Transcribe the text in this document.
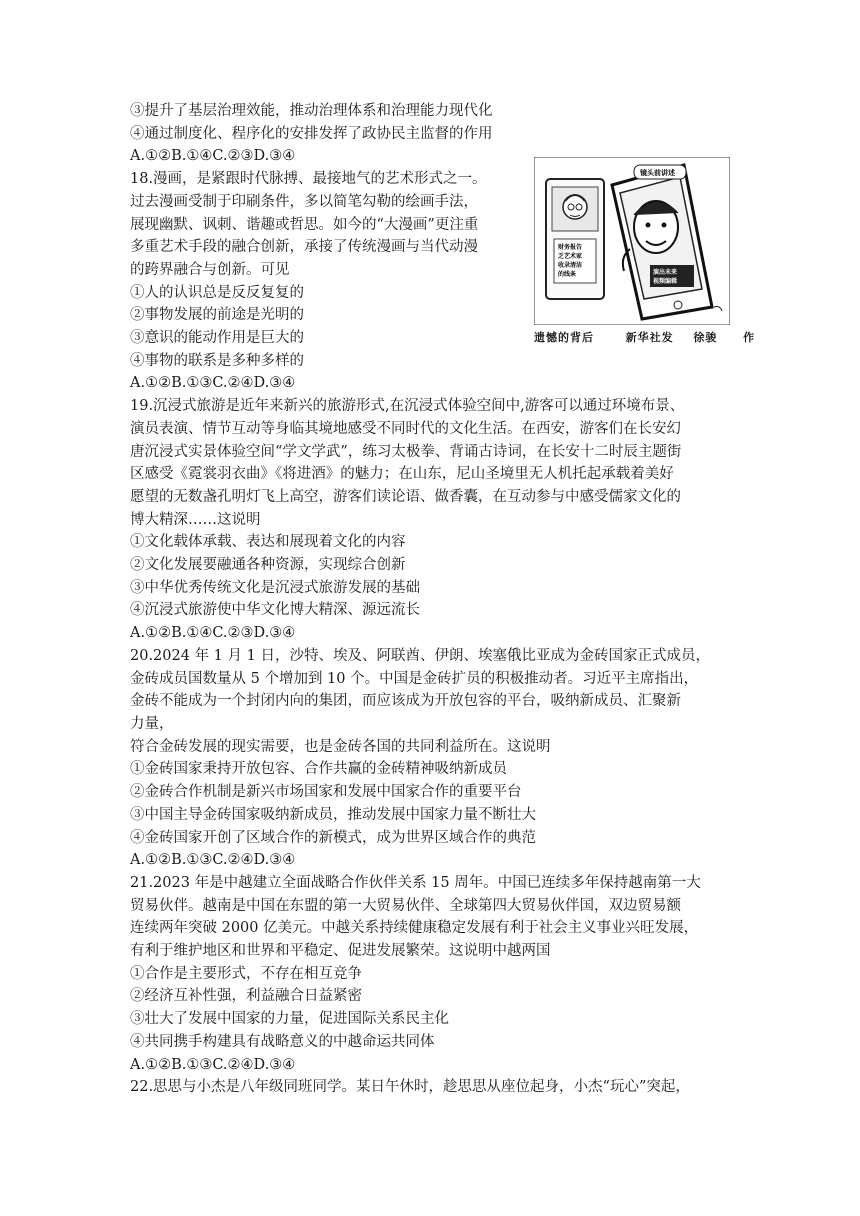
③提升了基层治理效能，推动治理体系和治理能力现代化
④通过制度化、程序化的安排发挥了政协民主监督的作用
A.①②B.①④C.②③D.③④
18.漫画，是紧跟时代脉搏、最接地气的艺术形式之一。
过去漫画受制于印刷条件，多以简笔勾勒的绘画手法，
展现幽默、讽刺、谐趣或哲思。如今的“大漫画”更注重
多重艺术手段的融合创新，承接了传统漫画与当代动漫
的跨界融合与创新。可见
①人的认识总是反反复复的
②事物发展的前途是光明的
③意识的能动作用是巨大的
④事物的联系是多种多样的
A.①②B.①③C.②④D.③④
19.沉浸式旅游是近年来新兴的旅游形式,在沉浸式体验空间中,游客可以通过环境布景、
演员表演、情节互动等身临其境地感受不同时代的文化生活。在西安，游客们在长安幻
唐沉浸式实景体验空间“学文学武”，练习太极拳、背诵古诗词，在长安十二时辰主题街
区感受《霓裳羽衣曲》《将进酒》的魅力；在山东，尼山圣境里无人机托起承载着美好
愿望的无数盏孔明灯飞上高空，游客们读论语、做香囊，在互动参与中感受儒家文化的
博大精深……这说明
①文化载体承载、表达和展现着文化的内容
②文化发展要融通各种资源，实现综合创新
③中华优秀传统文化是沉浸式旅游发展的基础
④沉浸式旅游使中华文化博大精深、源远流长
A.①②B.①④C.②③D.③④
20.2024 年 1 月 1 日，沙特、埃及、阿联酋、伊朗、埃塞俄比亚成为金砖国家正式成员，
金砖成员国数量从 5 个增加到 10 个。中国是金砖扩员的积极推动者。习近平主席指出，
金砖不能成为一个封闭内向的集团，而应该成为开放包容的平台，吸纳新成员、汇聚新
力量，
符合金砖发展的现实需要，也是金砖各国的共同利益所在。这说明
①金砖国家秉持开放包容、合作共赢的金砖精神吸纳新成员
②金砖合作机制是新兴市场国家和发展中国家合作的重要平台
③中国主导金砖国家吸纳新成员，推动发展中国家力量不断壮大
④金砖国家开创了区域合作的新模式，成为世界区域合作的典范
A.①②B.①③C.②④D.③④
21.2023 年是中越建立全面战略合作伙伴关系 15 周年。中国已连续多年保持越南第一大
贸易伙伴。越南是中国在东盟的第一大贸易伙伴、全球第四大贸易伙伴国，双边贸易额
连续两年突破 2000 亿美元。中越关系持续健康稳定发展有利于社会主义事业兴旺发展，
有利于维护地区和世界和平稳定、促进发展繁荣。这说明中越两国
①合作是主要形式，不存在相互竞争
②经济互补性强，利益融合日益紧密
③壮大了发展中国家的力量，促进国际关系民主化
④共同携手构建具有战略意义的中越命运共同体
A.①②B.①③C.②④D.③④
22.思思与小杰是八年级同班同学。某日午休时，趁思思从座位起身，小杰“玩心”突起，
财务报告
乏艺术家
收录清洁
的线条
镜头前讲述
演出未来
视频编辑
遗憾的背后	新华社发 徐骏 作
